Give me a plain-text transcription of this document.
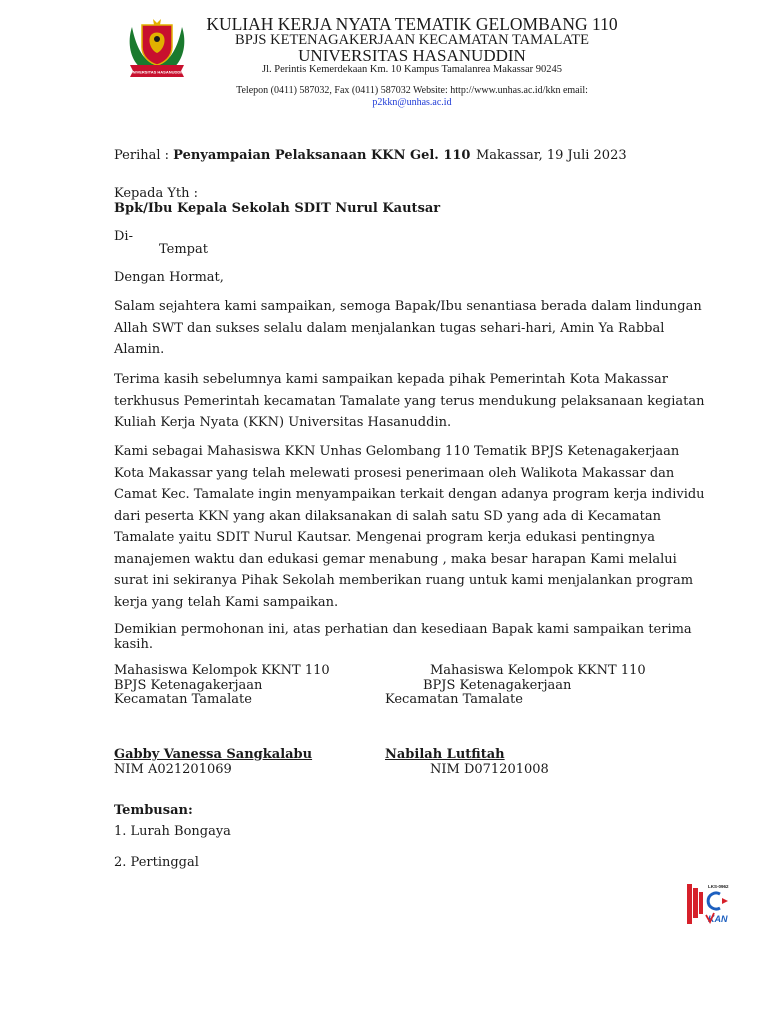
UNIVERSITAS HASANUDDIN
KULIAH KERJA NYATA TEMATIK GELOMBANG 110
BPJS KETENAGAKERJAAN KECAMATAN TAMALATE
UNIVERSITAS HASANUDDIN
Jl. Perintis Kemerdekaan Km. 10 Kampus Tamalanrea Makassar 90245
Telepon (0411) 587032, Fax (0411) 587032 Website: http://www.unhas.ac.id/kkn email:
p2kkn@unhas.ac.id
Perihal : Penyampaian Pelaksanaan KKN Gel. 110 Makassar, 19 Juli 2023
Kepada Yth :
Bpk/Ibu Kepala Sekolah SDIT Nurul Kautsar
Di-
Tempat
Dengan Hormat,
Salam sejahtera kami sampaikan, semoga Bapak/Ibu senantiasa berada dalam lindungan
Allah SWT dan sukses selalu dalam menjalankan tugas sehari-hari, Amin Ya Rabbal
Alamin.
Terima kasih sebelumnya kami sampaikan kepada pihak Pemerintah Kota Makassar
terkhusus Pemerintah kecamatan Tamalate yang terus mendukung pelaksanaan kegiatan
Kuliah Kerja Nyata (KKN) Universitas Hasanuddin.
Kami sebagai Mahasiswa KKN Unhas Gelombang 110 Tematik BPJS Ketenagakerjaan
Kota Makassar yang telah melewati prosesi penerimaan oleh Walikota Makassar dan
Camat Kec. Tamalate ingin menyampaikan terkait dengan adanya program kerja individu
dari peserta KKN yang akan dilaksanakan di salah satu SD yang ada di Kecamatan
Tamalate yaitu SDIT Nurul Kautsar. Mengenai program kerja edukasi pentingnya
manajemen waktu dan edukasi gemar menabung , maka besar harapan Kami melalui
surat ini sekiranya Pihak Sekolah memberikan ruang untuk kami menjalankan program
kerja yang telah Kami sampaikan.
Demikian permohonan ini, atas perhatian dan kesediaan Bapak kami sampaikan terima
kasih.
Mahasiswa Kelompok KKNT 110
BPJS Ketenagakerjaan
Kecamatan Tamalate
Gabby Vanessa Sangkalabu
NIM A021201069
Mahasiswa Kelompok KKNT 110
BPJS Ketenagakerjaan
Kecamatan Tamalate
Nabilah Lutfitah
NIM D071201008
Tembusan:
1. Lurah Bongaya
2. Pertinggal
LKS-0962
KAN
